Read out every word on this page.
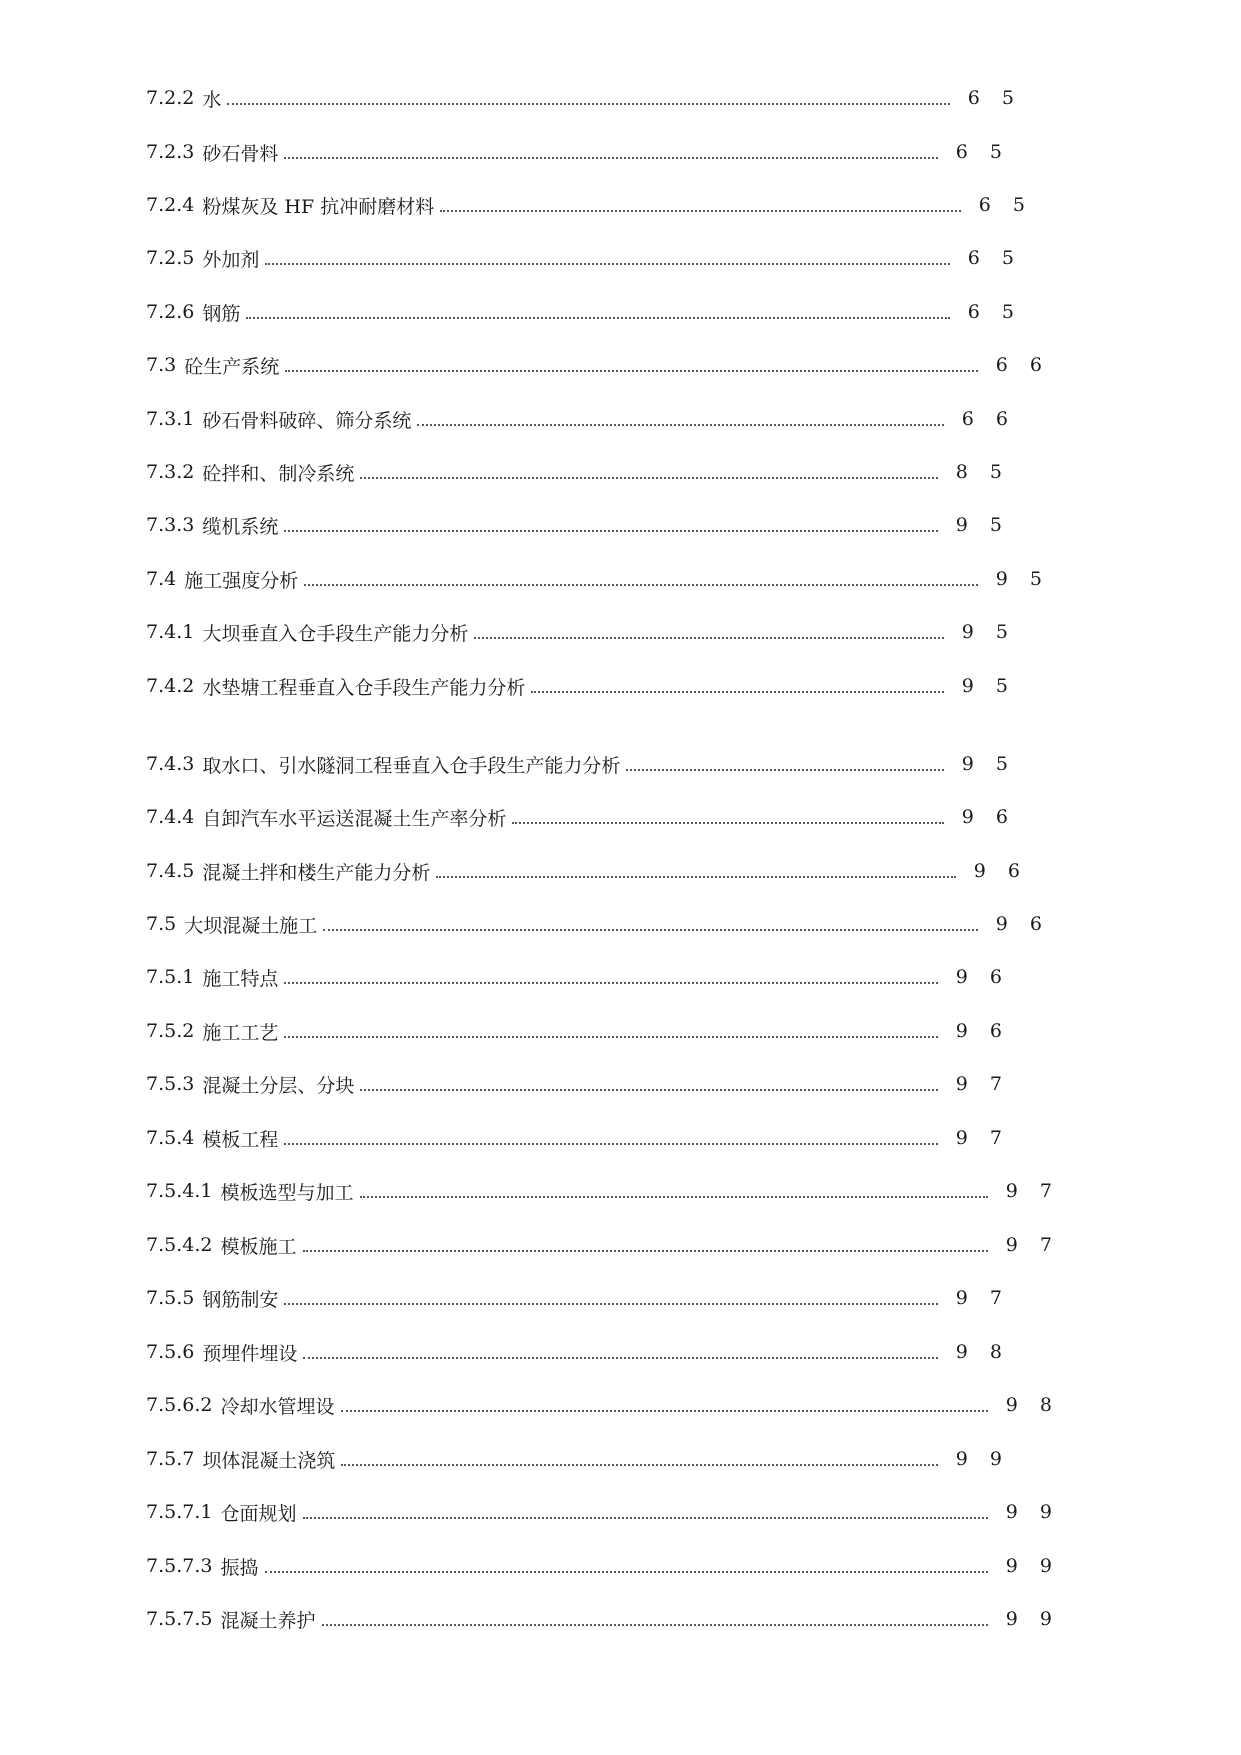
7.2.2 水	6 5
7.2.3 砂石骨料	6 5
7.2.4 粉煤灰及 HF 抗冲耐磨材料	6 5
7.2.5 外加剂	6 5
7.2.6 钢筋	6 5
7.3 砼生产系统	6 6
7.3.1 砂石骨料破碎、筛分系统	6 6
7.3.2 砼拌和、制冷系统	8 5
7.3.3 缆机系统	9 5
7.4 施工强度分析	9 5
7.4.1 大坝垂直入仓手段生产能力分析	9 5
7.4.2 水垫塘工程垂直入仓手段生产能力分析	9 5
7.4.3 取水口、引水隧洞工程垂直入仓手段生产能力分析	9 5
7.4.4 自卸汽车水平运送混凝土生产率分析	9 6
7.4.5 混凝土拌和楼生产能力分析	9 6
7.5 大坝混凝土施工	9 6
7.5.1 施工特点	9 6
7.5.2 施工工艺	9 6
7.5.3 混凝土分层、分块	9 7
7.5.4 模板工程	9 7
7.5.4.1 模板选型与加工	9 7
7.5.4.2 模板施工	9 7
7.5.5 钢筋制安	9 7
7.5.6 预埋件埋设	9 8
7.5.6.2 冷却水管埋设	9 8
7.5.7 坝体混凝土浇筑	9 9
7.5.7.1 仓面规划	9 9
7.5.7.3 振捣	9 9
7.5.7.5 混凝土养护	9 9
